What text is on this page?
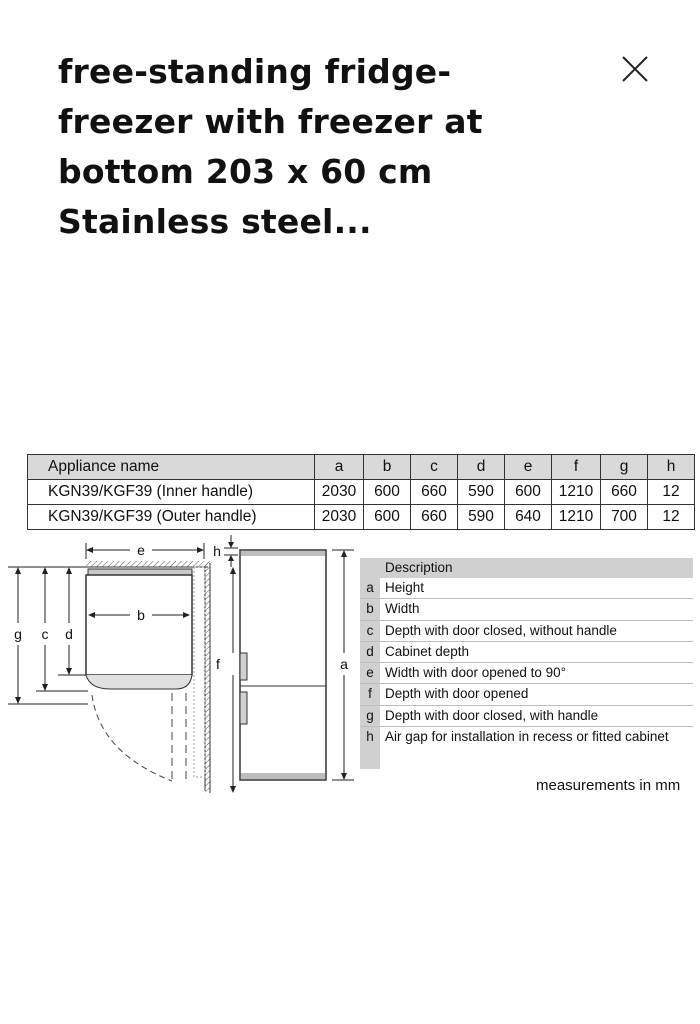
free-standing fridge-freezer with freezer at bottom 203 x 60 cm Stainless steel...
Appliance name	a	b	c	d	e	f	g	h
KGN39/KGF39 (Inner handle)	2030	600	660	590	600	1210	660	12
KGN39/KGF39 (Outer handle)	2030	600	660	590	640	1210	700	12
e	h
b
g c d
f	a
Description
a Height
b Width
c Depth with door closed, without handle
d Cabinet depth
e Width with door opened to 90°
f Depth with door opened
g Depth with door closed, with handle
h Air gap for installation in recess or fitted cabinet
measurements in mm
